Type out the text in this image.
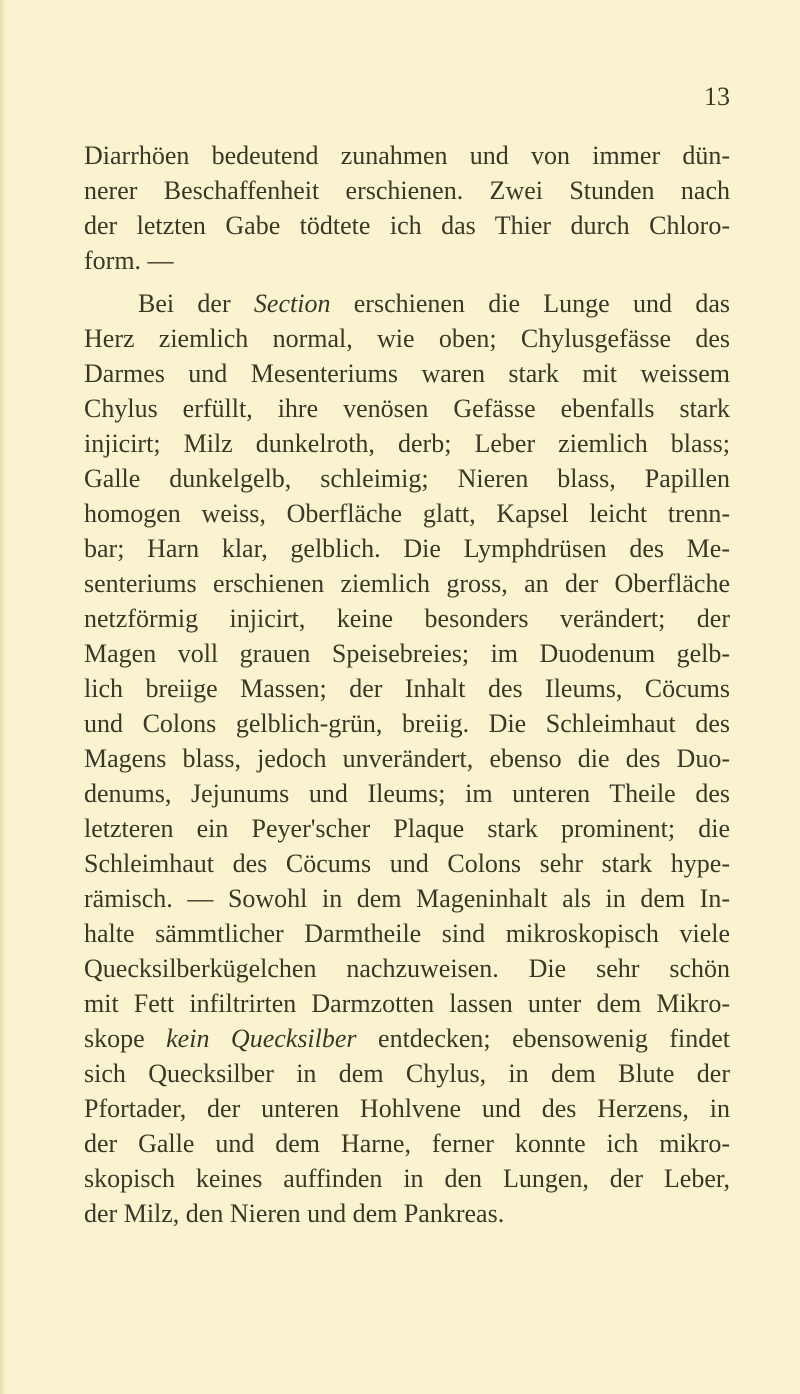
13
Diarrhöen bedeutend zunahmen und von immer dün-
nerer Beschaffenheit erschienen. Zwei Stunden nach
der letzten Gabe tödtete ich das Thier durch Chloro-
form. —
Bei der Section erschienen die Lunge und das
Herz ziemlich normal, wie oben; Chylusgefässe des
Darmes und Mesenteriums waren stark mit weissem
Chylus erfüllt, ihre venösen Gefässe ebenfalls stark
injicirt; Milz dunkelroth, derb; Leber ziemlich blass;
Galle dunkelgelb, schleimig; Nieren blass, Papillen
homogen weiss, Oberfläche glatt, Kapsel leicht trenn-
bar; Harn klar, gelblich. Die Lymphdrüsen des Me-
senteriums erschienen ziemlich gross, an der Oberfläche
netzförmig injicirt, keine besonders verändert; der
Magen voll grauen Speisebreies; im Duodenum gelb-
lich breiige Massen; der Inhalt des Ileums, Cöcums
und Colons gelblich-grün, breiig. Die Schleimhaut des
Magens blass, jedoch unverändert, ebenso die des Duo-
denums, Jejunums und Ileums; im unteren Theile des
letzteren ein Peyer'scher Plaque stark prominent; die
Schleimhaut des Cöcums und Colons sehr stark hype-
rämisch. — Sowohl in dem Mageninhalt als in dem In-
halte sämmtlicher Darmtheile sind mikroskopisch viele
Quecksilberkügelchen nachzuweisen. Die sehr schön
mit Fett infiltrirten Darmzotten lassen unter dem Mikro-
skope kein Quecksilber entdecken; ebensowenig findet
sich Quecksilber in dem Chylus, in dem Blute der
Pfortader, der unteren Hohlvene und des Herzens, in
der Galle und dem Harne, ferner konnte ich mikro-
skopisch keines auffinden in den Lungen, der Leber,
der Milz, den Nieren und dem Pankreas.
